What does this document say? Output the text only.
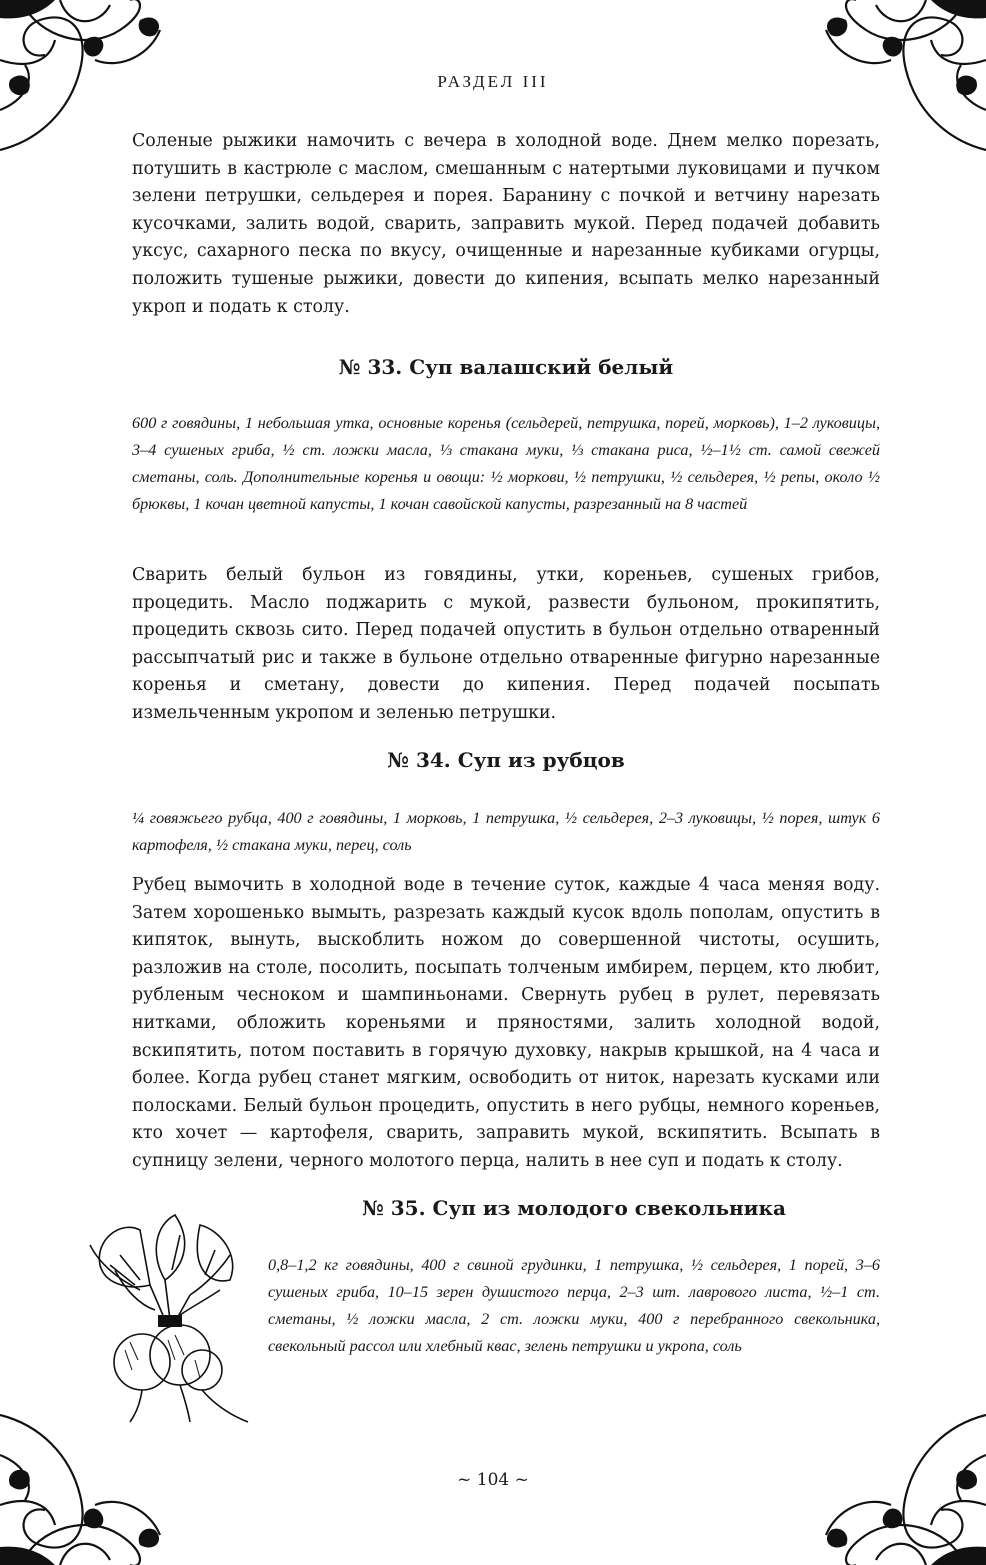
РАЗДЕЛ III

Соленые рыжики намочить с вечера в холодной воде. Днем мелко порезать, потушить в кастрюле с маслом, смешанным с натертыми луковицами и пучком зелени петрушки, сельдерея и порея. Баранину с почкой и ветчину нарезать кусочками, залить водой, сварить, заправить мукой. Перед подачей добавить уксус, сахарного песка по вкусу, очищенные и нарезанные кубиками огурцы, положить тушеные рыжики, довести до кипения, всыпать мелко нарезанный укроп и подать к столу.

№ 33. Суп валашский белый

600 г говядины, 1 небольшая утка, основные коренья (сельдерей, петрушка, порей, морковь), 1–2 луковицы, 3–4 сушеных гриба, ½ ст. ложки масла, ⅓ стакана муки, ⅓ стакана риса, ½–1½ ст. самой свежей сметаны, соль. Дополнительные коренья и овощи: ½ моркови, ½ петрушки, ½ сельдерея, ½ репы, около ½ брюквы, 1 кочан цветной капусты, 1 кочан савойской капусты, разрезанный на 8 частей

Сварить белый бульон из говядины, утки, кореньев, сушеных грибов, процедить. Масло поджарить с мукой, развести бульоном, прокипятить, процедить сквозь сито. Перед подачей опустить в бульон отдельно отваренный рассыпчатый рис и также в бульоне отдельно отваренные фигурно нарезанные коренья и сметану, довести до кипения. Перед подачей посыпать измельченным укропом и зеленью петрушки.

№ 34. Суп из рубцов

¼ говяжьего рубца, 400 г говядины, 1 морковь, 1 петрушка, ½ сельдерея, 2–3 луковицы, ½ порея, штук 6 картофеля, ½ стакана муки, перец, соль

Рубец вымочить в холодной воде в течение суток, каждые 4 часа меняя воду. Затем хорошенько вымыть, разрезать каждый кусок вдоль пополам, опустить в кипяток, вынуть, выскоблить ножом до совершенной чистоты, осушить, разложив на столе, посолить, посыпать толченым имбирем, перцем, кто любит, рубленым чесноком и шампиньонами. Свернуть рубец в рулет, перевязать нитками, обложить кореньями и пряностями, залить холодной водой, вскипятить, потом поставить в горячую духовку, накрыв крышкой, на 4 часа и более. Когда рубец станет мягким, освободить от ниток, нарезать кусками или полосками. Белый бульон процедить, опустить в него рубцы, немного кореньев, кто хочет — картофеля, сварить, заправить мукой, вскипятить. Всыпать в супницу зелени, черного молотого перца, налить в нее суп и подать к столу.

№ 35. Суп из молодого свекольника

0,8–1,2 кг говядины, 400 г свиной грудинки, 1 петрушка, ½ сельдерея, 1 порей, 3–6 сушеных гриба, 10–15 зерен душистого перца, 2–3 шт. лаврового листа, ½–1 ст. сметаны, ½ ложки масла, 2 ст. ложки муки, 400 г перебранного свекольника, свекольный рассол или хлебный квас, зелень петрушки и укропа, соль

~ 104 ~
